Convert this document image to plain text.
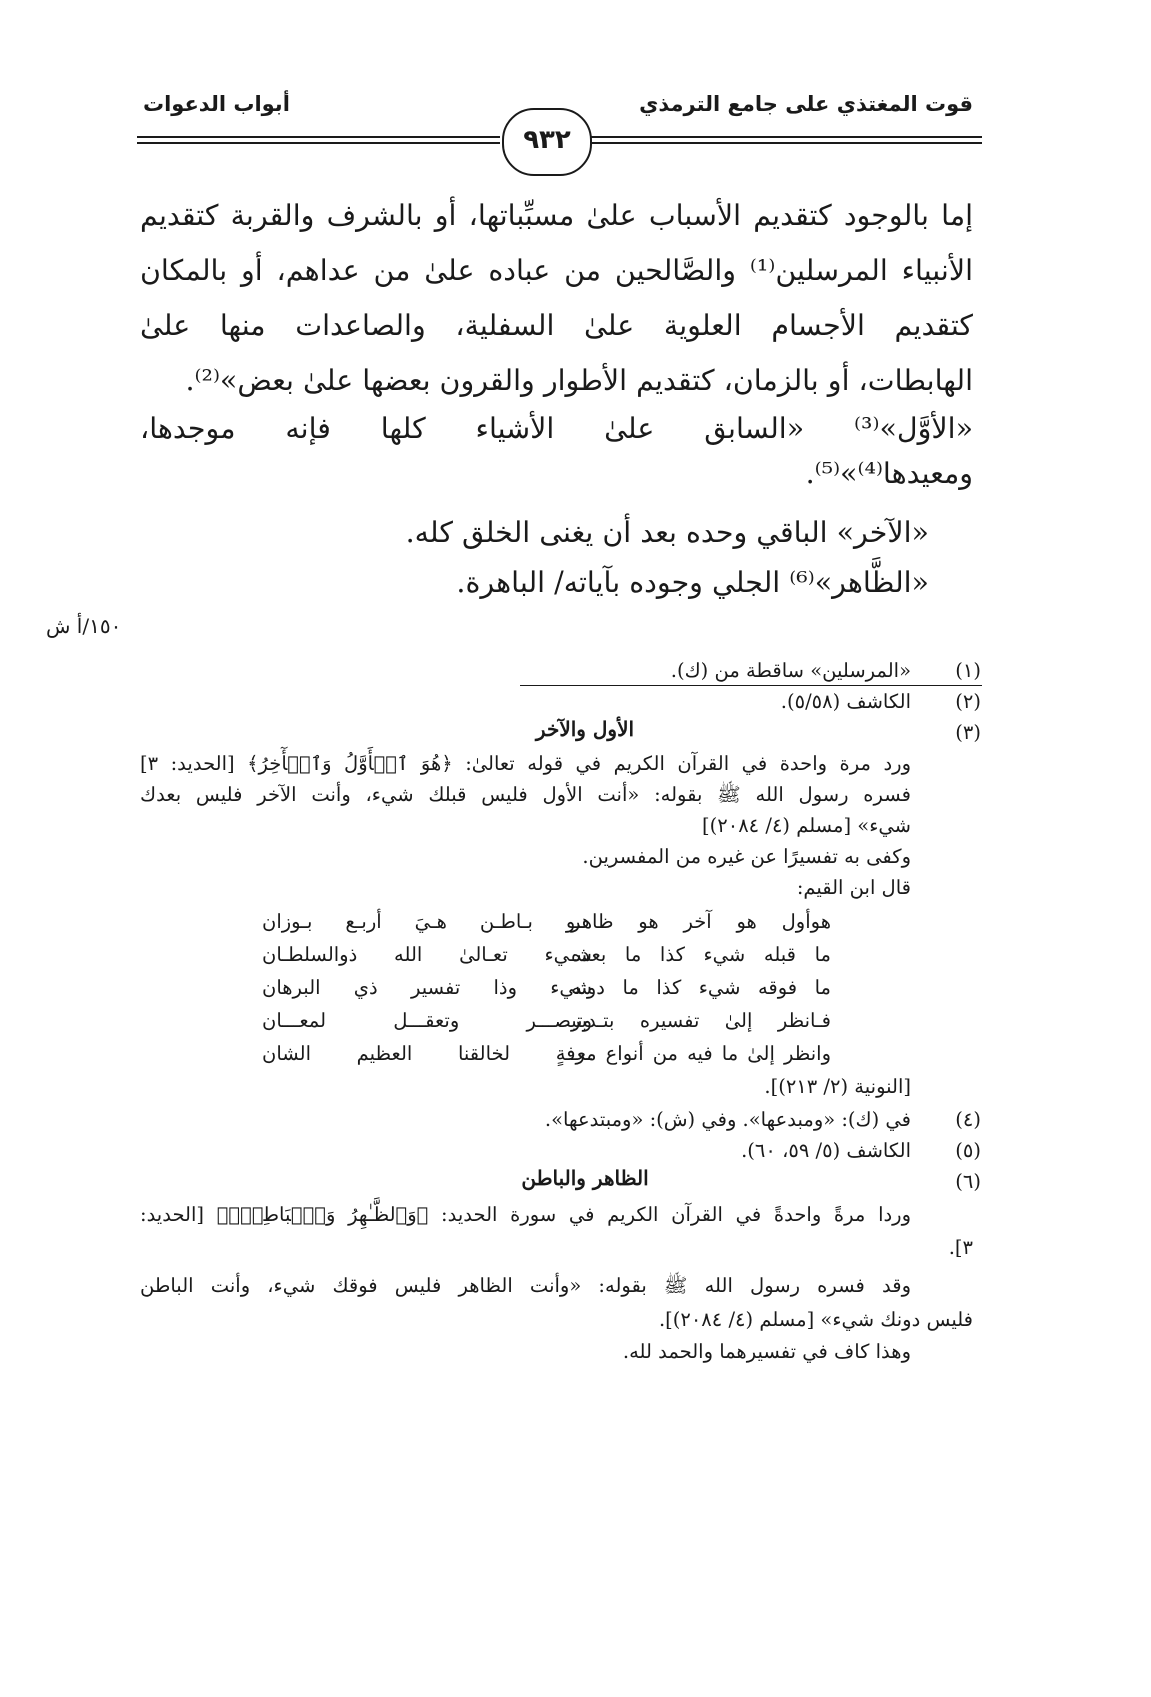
قوت المغتذي على جامع الترمذي
أبواب الدعوات
٩٣٢
إما بالوجود كتقديم الأسباب علىٰ مسبِّباتها، أو بالشرف والقربة كتقديم
الأنبياء المرسلين⁽¹⁾ والصَّالحين من عباده علىٰ من عداهم، أو بالمكان
كتقديم الأجسام العلوية علىٰ السفلية، والصاعدات منها علىٰ
الهابطات، أو بالزمان، كتقديم الأطوار والقرون بعضها علىٰ بعض»⁽²⁾.
«الأوَّل»⁽³⁾ «السابق علىٰ الأشياء كلها فإنه موجدها،
ومعيدها⁽⁴⁾»⁽⁵⁾.
«الآخر» الباقي وحده بعد أن يغنى الخلق كله.
«الظَّاهر»⁽⁶⁾ الجلي وجوده بآياته/ الباهرة.
١٥٠/أ ش
(١)
«المرسلين» ساقطة من (ك).
(٢)
الكاشف (٥/٥٨).
(٣)
الأول والآخر
ورد مرة واحدة في القرآن الكريم في قوله تعالىٰ: ﴿هُوَ ٱلۡأَوَّلُ وَٱلۡأٓخِرُ﴾ [الحديد: ٣]
فسره رسول الله ﷺ بقوله: «أنت الأول فليس قبلك شيء، وأنت الآخر فليس بعدك
شيء» [مسلم (٤/ ٢٠٨٤)]
وكفى به تفسيرًا عن غيره من المفسرين.
قال ابن القيم:
هوأول هو آخر هو ظاهر
هـو بـاطـن هـيَ أربـع بـوزان
ما قبله شيء كذا ما بعده
شـيء تعـالىٰ الله ذوالسلطـان
ما فوقه شيء كذا ما دونه
شيء وذا تفسير ذي البرهان
فـانظر إلىٰ تفسيره بتـدبر
وتبصـــر وتعقـــل لمعـــان
وانظر إلىٰ ما فيه من أنواع معـ
ـرفةٍ لخالقنا العظيم الشان
[النونية (٢/ ٢١٣)].
(٤)
في (ك): «ومبدعها». وفي (ش): «ومبتدعها».
(٥)
الكاشف (٥/ ٥٩، ٦٠).
(٦)
الظاهر والباطن
وردا مرةً واحدةً في القرآن الكريم في سورة الحديد: ﴿وَٱلظَّـٰهِرُ وَٱلۡبَاطِنُۖ﴾ [الحديد:
٣].
وقد فسره رسول الله ﷺ بقوله: «وأنت الظاهر فليس فوقك شيء، وأنت الباطن
فليس دونك شيء» [مسلم (٤/ ٢٠٨٤)].
وهذا كاف في تفسيرهما والحمد لله.
